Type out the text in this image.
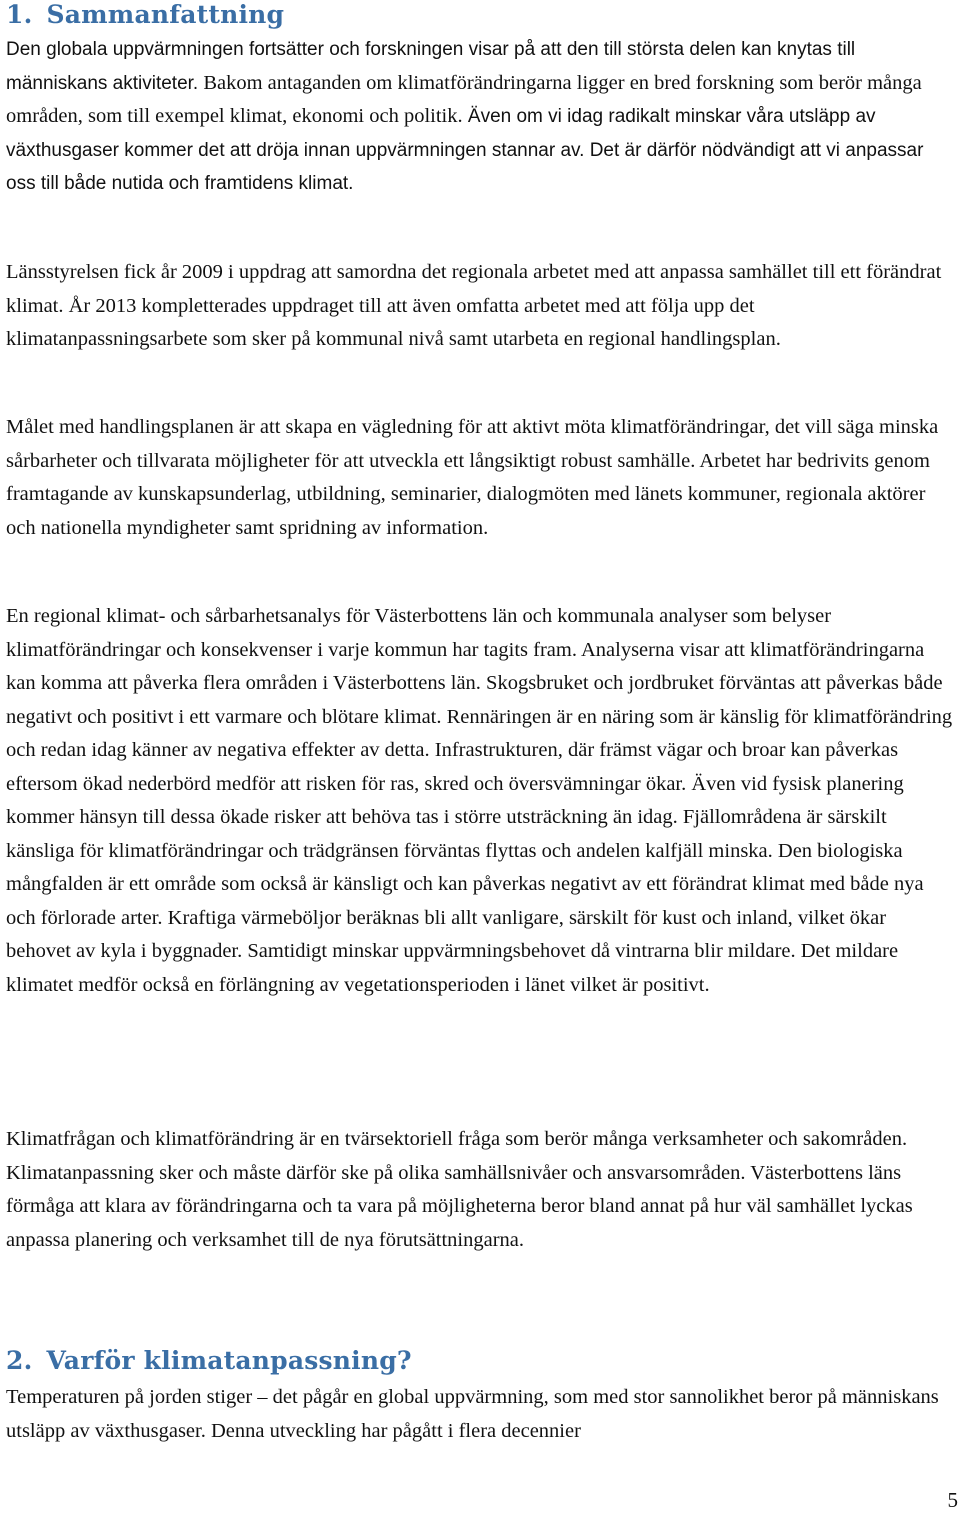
1. Sammanfattning

Den globala uppvärmningen fortsätter och forskningen visar på att den till största delen kan knytas till människans aktiviteter. Bakom antaganden om klimatförändringarna ligger en bred forskning som berör många områden, som till exempel klimat, ekonomi och politik. Även om vi idag radikalt minskar våra utsläpp av växthusgaser kommer det att dröja innan uppvärmningen stannar av. Det är därför nödvändigt att vi anpassar oss till både nutida och framtidens klimat.

Länsstyrelsen fick år 2009 i uppdrag att samordna det regionala arbetet med att anpassa samhället till ett förändrat klimat. År 2013 kompletterades uppdraget till att även omfatta arbetet med att följa upp det klimatanpassningsarbete som sker på kommunal nivå samt utarbeta en regional handlingsplan.

Målet med handlingsplanen är att skapa en vägledning för att aktivt möta klimatförändringar, det vill säga minska sårbarheter och tillvarata möjligheter för att utveckla ett långsiktigt robust samhälle. Arbetet har bedrivits genom framtagande av kunskapsunderlag, utbildning, seminarier, dialogmöten med länets kommuner, regionala aktörer och nationella myndigheter samt spridning av information.

En regional klimat- och sårbarhetsanalys för Västerbottens län och kommunala analyser som belyser klimatförändringar och konsekvenser i varje kommun har tagits fram. Analyserna visar att klimatförändringarna kan komma att påverka flera områden i Västerbottens län. Skogsbruket och jordbruket förväntas att påverkas både negativt och positivt i ett varmare och blötare klimat. Rennäringen är en näring som är känslig för klimatförändring och redan idag känner av negativa effekter av detta. Infrastrukturen, där främst vägar och broar kan påverkas eftersom ökad nederbörd medför att risken för ras, skred och översvämningar ökar. Även vid fysisk planering kommer hänsyn till dessa ökade risker att behöva tas i större utsträckning än idag. Fjällområdena är särskilt känsliga för klimatförändringar och trädgränsen förväntas flyttas och andelen kalfjäll minska. Den biologiska mångfalden är ett område som också är känsligt och kan påverkas negativt av ett förändrat klimat med både nya och förlorade arter. Kraftiga värmeböljor beräknas bli allt vanligare, särskilt för kust och inland, vilket ökar behovet av kyla i byggnader. Samtidigt minskar uppvärmningsbehovet då vintrarna blir mildare. Det mildare klimatet medför också en förlängning av vegetationsperioden i länet vilket är positivt.

Klimatfrågan och klimatförändring är en tvärsektoriell fråga som berör många verksamheter och sakområden. Klimatanpassning sker och måste därför ske på olika samhällsnivåer och ansvarsområden. Västerbottens läns förmåga att klara av förändringarna och ta vara på möjligheterna beror bland annat på hur väl samhället lyckas anpassa planering och verksamhet till de nya förutsättningarna.

2. Varför klimatanpassning?

Temperaturen på jorden stiger – det pågår en global uppvärmning, som med stor sannolikhet beror på människans utsläpp av växthusgaser. Denna utveckling har pågått i flera decennier

5
